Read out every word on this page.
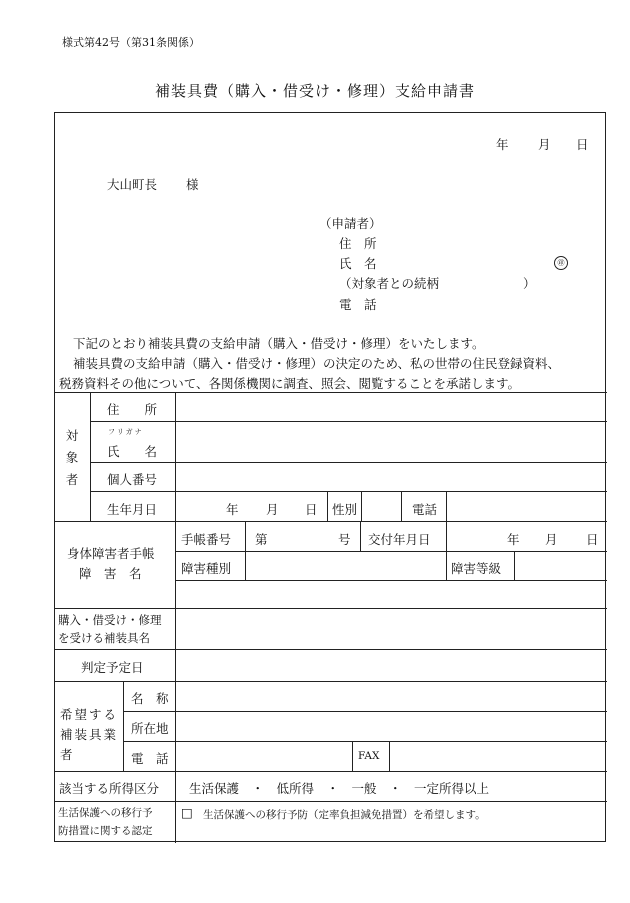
様式第42号（第31条関係）
補装具費（購入・借受け・修理）支給申請書
年 月 日
大山町長 様
（申請者）
住　所
氏　名	㊞
（対象者との続柄	）
電　話
下記のとおり補装具費の支給申請（購入・借受け・修理）をいたします。
補装具費の支給申請（購入・借受け・修理）の決定のため、私の世帯の住民登録資料、
税務資料その他について、各関係機関に調査、照会、閲覧することを承諾します。
対
象
者
住　　所
フリガナ
氏　　名
個人番号
生年月日	年 月 日 性別	電話
身体障害者手帳
障　害　名
手帳番号 第	号 交付年月日	年 月 日
障害種別	障害等級
購入・借受け・修理
を受ける補装具名
判定予定日
希望する
補装具業
者
名　称
所在地
電　話	FAX
該当する所得区分 生活保護　・　低所得　・　一般　・　一定所得以上
生活保護への移行予
防措置に関する認定
□ 生活保護への移行予防（定率負担減免措置）を希望します。
